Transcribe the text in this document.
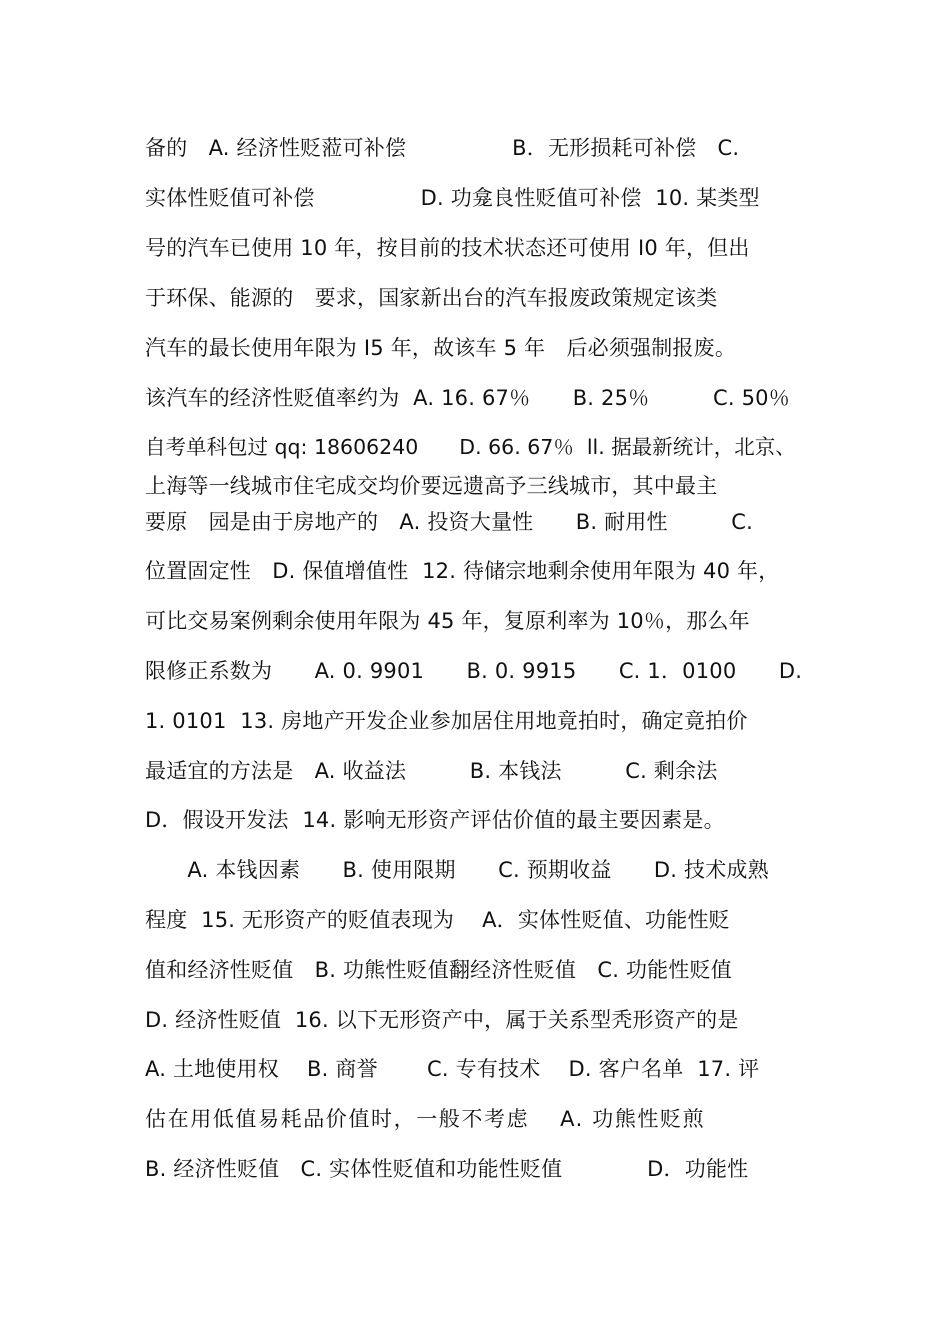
备的　A. 经济性贬蒞可补偿　　　　　B．无形损耗可补偿　C.
实体性贬值可补偿　　　　　D. 功龛良性贬值可补偿  10. 某类型
号的汽车已使用 10 年，按目前的技术状态还可使用 I0 年，但出
于环保、能源的　要求，国家新出台的汽车报废政策规定该类
汽车的最长使用年限为 I5 年，故该车 5 年　后必须强制报废。
该汽车的经济性贬值率约为  A. 16. 67％　　B. 25％　　　C. 50％
自考单科包过 qq: 18606240　　D. 66. 67％  ll. 据最新统计，北京、
上海等一线城市住宅成交均价要远遗高予三线城市，其中最主
要原　园是由于房地产的　A. 投资大量性　　B. 耐用性　　　C.
位置固定性　D. 保值增值性  12. 待储宗地剩余使用年限为 40 年，
可比交易案例剩余使用年限为 45 年，复原利率为 10％，那么年
限修正系数为　　A. 0. 9901　　B. 0. 9915　　C. 1．0100　　D.
1. 0101  13. 房地产开发企业参加居住用地竟拍时，确定竟拍价
最适宜的方法是　A. 收益法　　　B. 本钱法　　　C. 剩余法
D．假设开发法  14. 影响无形资产评估价值的最主要因素是。
　　A. 本钱因素　　B. 使用限期　　C. 预期收益　　D. 技术成熟
程度  15. 无形资产的贬值表现为　 A．实体性贬值、功能性贬
值和经济性贬值　B. 功熊性贬值翻经济性贬值　C. 功能性贬值
D. 经济性贬值  16. 以下无形资产中，属于关系型秃形资产的是
A. 土地使用权　 B. 商誉　　 C. 专有技术　 D. 客户名单  17. 评
估在用低值易耗品价值时，一般不考虑　 A. 功熊性贬煎
B. 经济性贬值　C. 实体性贬值和功能性贬值　　　　D．功能性
